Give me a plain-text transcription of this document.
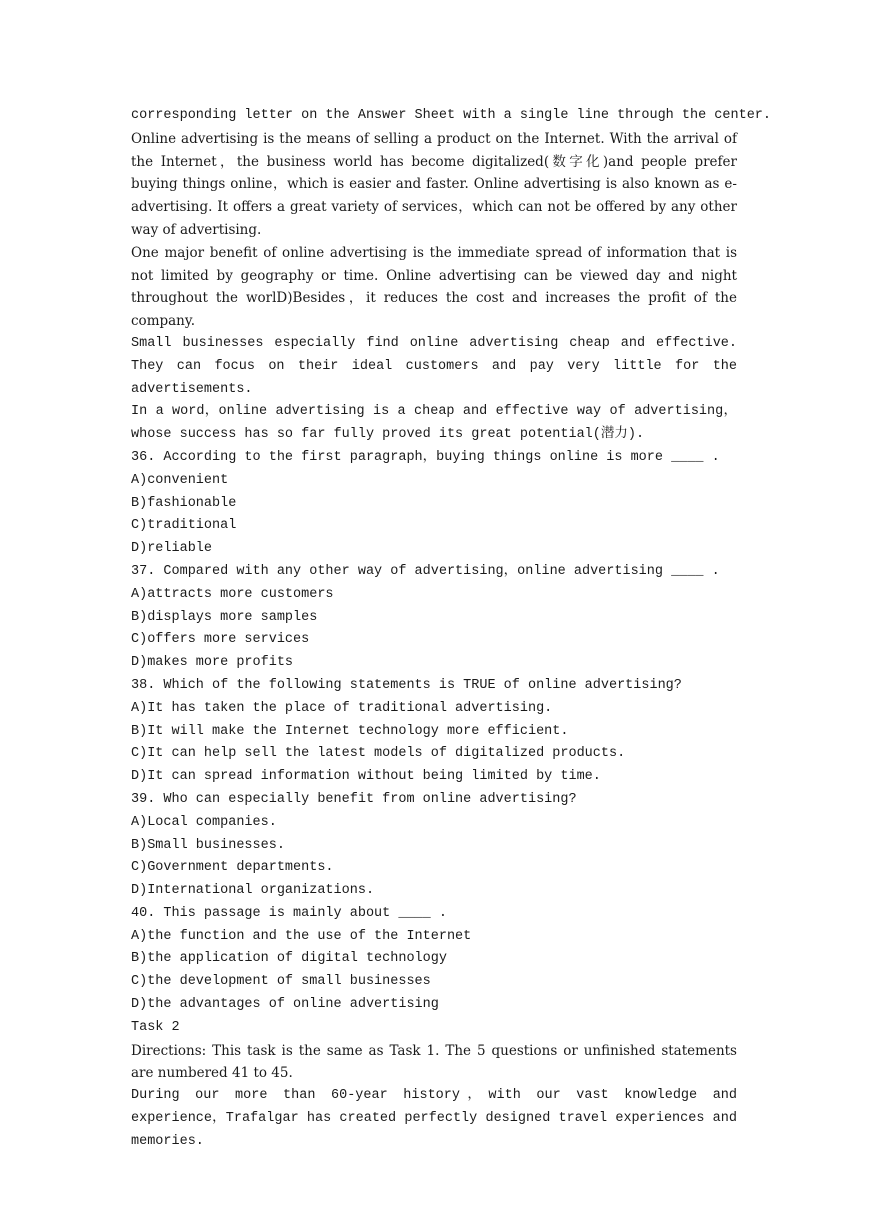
corresponding letter on the Answer Sheet with a single line through the center.
Online advertising is the means of selling a product on the Internet. With the arrival of the Internet，the business world has become digitalized(数字化)and people prefer buying things online，which is easier and faster. Online advertising is also known as e-advertising. It offers a great variety of services，which can not be offered by any other way of advertising.
One major benefit of online advertising is the immediate spread of information that is not limited by geography or time. Online advertising can be viewed day and night throughout the worlD)Besides，it reduces the cost and increases the profit of the company.
Small businesses especially find online advertising cheap and effective. They can focus on their ideal customers and pay very little for the advertisements.
In a word，online advertising is a cheap and effective way of advertising，whose success has so far fully proved its great potential(潜力).
36. According to the first paragraph，buying things online is more ____ .
A)convenient
B)fashionable
C)traditional
D)reliable
37. Compared with any other way of advertising，online advertising ____ .
A)attracts more customers
B)displays more samples
C)offers more services
D)makes more profits
38. Which of the following statements is TRUE of online advertising?
A)It has taken the place of traditional advertising.
B)It will make the Internet technology more efficient.
C)It can help sell the latest models of digitalized products.
D)It can spread information without being limited by time.
39. Who can especially benefit from online advertising?
A)Local companies.
B)Small businesses.
C)Government departments.
D)International organizations.
40. This passage is mainly about ____ .
A)the function and the use of the Internet
B)the application of digital technology
C)the development of small businesses
D)the advantages of online advertising
Task 2
Directions: This task is the same as Task 1. The 5 questions or unfinished statements are numbered 41 to 45.
During our more than 60-year history，with our vast knowledge and experience，Trafalgar has created perfectly designed travel experiences and memories.
